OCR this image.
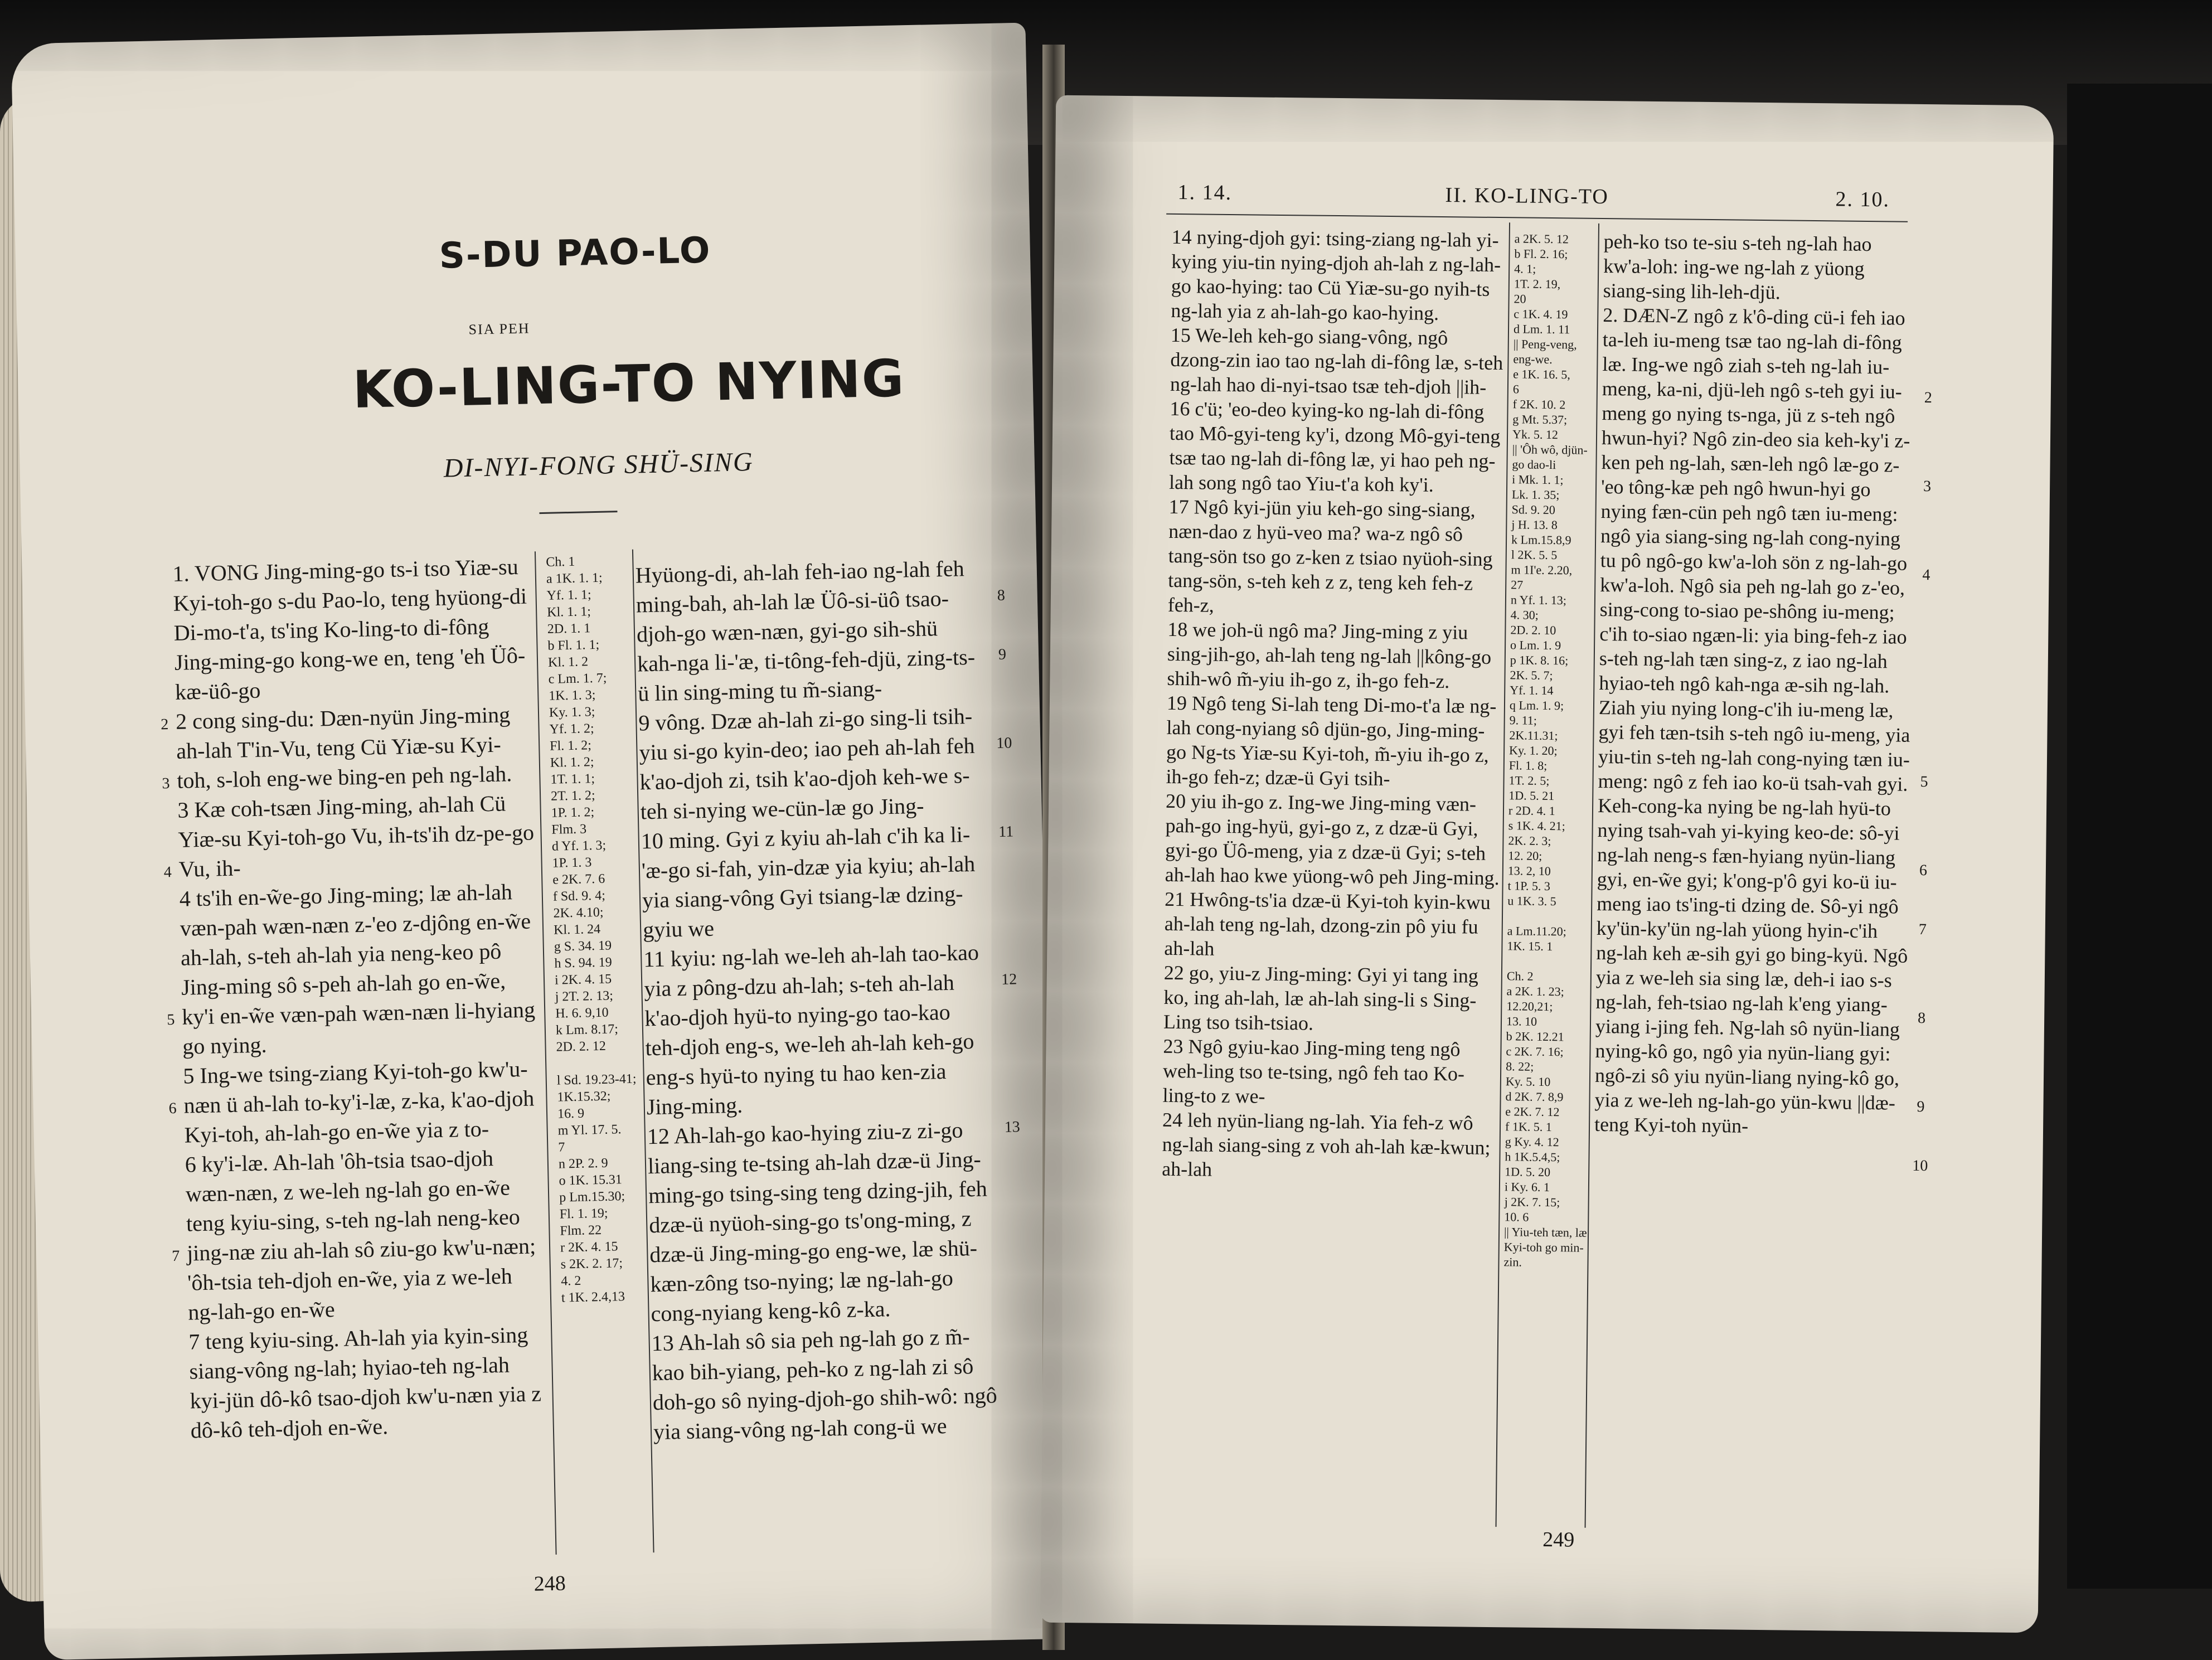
S-DU PAO-LO
SIA PEH
KO-LING-TO NYING
DI-NYI-FONG SHÜ-SING
1. VONG Jing-ming-go ts-i tso Yiæ-su Kyi-toh-go s-du Pao-lo, teng hyüong-di Di-mo-t'a, ts'ing Ko-ling-to di-fông Jing-ming-go kong-we en, teng 'eh Üô-kæ-üô-go
2 cong sing-du: Dæn-nyün Jing-ming ah-lah T'in-Vu, teng Cü Yiæ-su Kyi-toh, s-loh eng-we bing-en peh ng-lah.
3 Kæ coh-tsæn Jing-ming, ah-lah Cü Yiæ-su Kyi-toh-go Vu, ih-ts'ih dz-pe-go Vu, ih-
4 ts'ih en-w̃e-go Jing-ming; læ ah-lah væn-pah wæn-næn z-'eo z-djông en-w̃e ah-lah, s-teh ah-lah yia neng-keo pô Jing-ming sô s-peh ah-lah go en-w̃e, ky'i en-w̃e væn-pah wæn-næn li-hyiang go nying.
5 Ing-we tsing-ziang Kyi-toh-go kw'u-næn ü ah-lah to-ky'i-læ, z-ka, k'ao-djoh Kyi-toh, ah-lah-go en-w̃e yia z to-
6 ky'i-læ. Ah-lah 'ôh-tsia tsao-djoh wæn-næn, z we-leh ng-lah go en-w̃e teng kyiu-sing, s-teh ng-lah neng-keo jing-næ ziu ah-lah sô ziu-go kw'u-næn; 'ôh-tsia teh-djoh en-w̃e, yia z we-leh ng-lah-go en-w̃e
7 teng kyiu-sing. Ah-lah yia kyin-sing siang-vông ng-lah; hyiao-teh ng-lah kyi-jün dô-kô tsao-djoh kw'u-næn yia z dô-kô teh-djoh en-w̃e.
Ch. 1
a 1K. 1. 1;
Yf. 1. 1;
Kl. 1. 1;
2D. 1. 1
b Fl. 1. 1;
Kl. 1. 2
c Lm. 1. 7;
1K. 1. 3;
Ky. 1. 3;
Yf. 1. 2;
Fl. 1. 2;
Kl. 1. 2;
1T. 1. 1;
2T. 1. 2;
1P. 1. 2;
Flm. 3
d Yf. 1. 3;
1P. 1. 3
e 2K. 7. 6
f Sd. 9. 4;
2K. 4.10;
Kl. 1. 24
g S. 34. 19
h S. 94. 19
i 2K. 4. 15
j 2T. 2. 13;
H. 6. 9,10
k Lm. 8.17;
2D. 2. 12

l Sd. 19.23-41;
1K.15.32;
16. 9
m Yl. 17. 5.
7
n 2P. 2. 9
o 1K. 15.31
p Lm.15.30;
Fl. 1. 19;
Flm. 22
r 2K. 4. 15
s 2K. 2. 17;
4. 2
t 1K. 2.4,13
Hyüong-di, ah-lah feh-iao ng-lah feh ming-bah, ah-lah læ Üô-si-üô tsao-djoh-go wæn-næn, gyi-go sih-shü kah-nga li-'æ, ti-tông-feh-djü, zing-ts-ü lin sing-ming tu m̃-siang-
9 vông. Dzæ ah-lah zi-go sing-li tsih-yiu si-go kyin-deo; iao peh ah-lah feh k'ao-djoh zi, tsih k'ao-djoh keh-we s-teh si-nying we-cün-læ go Jing-
10 ming. Gyi z kyiu ah-lah c'ih ka li-'æ-go si-fah, yin-dzæ yia kyiu; ah-lah yia siang-vông Gyi tsiang-læ dzing-gyiu we
11 kyiu: ng-lah we-leh ah-lah tao-kao yia z pông-dzu ah-lah; s-teh ah-lah k'ao-djoh hyü-to nying-go tao-kao teh-djoh eng-s, we-leh ah-lah keh-go eng-s hyü-to nying tu hao ken-zia Jing-ming.
12 Ah-lah-go kao-hying ziu-z zi-go liang-sing te-tsing ah-lah dzæ-ü Jing-ming-go tsing-sing teng dzing-jih, feh dzæ-ü nyüoh-sing-go ts'ong-ming, z dzæ-ü Jing-ming-go eng-we, læ shü-kæn-zông tso-nying; læ ng-lah-go cong-nyiang keng-kô z-ka.
13 Ah-lah sô sia peh ng-lah go z m̃-kao bih-yiang, peh-ko z ng-lah zi sô doh-go sô nying-djoh-go shih-wô: ngô yia siang-vông ng-lah cong-ü we
2

3

4

5

6

7
8

9

10

11

12

13
248
1. 14.	II. KO-LING-TO	2. 10.
14 nying-djoh gyi: tsing-ziang ng-lah yi-kying yiu-tin nying-djoh ah-lah z ng-lah-go kao-hying: tao Cü Yiæ-su-go nyih-ts ng-lah yia z ah-lah-go kao-hying.
15 We-leh keh-go siang-vông, ngô dzong-zin iao tao ng-lah di-fông læ, s-teh ng-lah hao di-nyi-tsao tsæ teh-djoh ||ih-
16 c'ü; 'eo-deo kying-ko ng-lah di-fông tao Mô-gyi-teng ky'i, dzong Mô-gyi-teng tsæ tao ng-lah di-fông læ, yi hao peh ng-lah song ngô tao Yiu-t'a koh ky'i.
17 Ngô kyi-jün yiu keh-go sing-siang, næn-dao z hyü-veo ma? wa-z ngô sô tang-sön tso go z-ken z tsiao nyüoh-sing tang-sön, s-teh keh z z, teng keh feh-z feh-z,
18 we joh-ü ngô ma? Jing-ming z yiu sing-jih-go, ah-lah teng ng-lah ||kông-go shih-wô m̃-yiu ih-go z, ih-go feh-z.
19 Ngô teng Si-lah teng Di-mo-t'a læ ng-lah cong-nyiang sô djün-go, Jing-ming-go Ng-ts Yiæ-su Kyi-toh, m̃-yiu ih-go z, ih-go feh-z; dzæ-ü Gyi tsih-
20 yiu ih-go z. Ing-we Jing-ming væn-pah-go ing-hyü, gyi-go z, z dzæ-ü Gyi, gyi-go Üô-meng, yia z dzæ-ü Gyi; s-teh ah-lah hao kwe yüong-wô peh Jing-ming.
21 Hwông-ts'ia dzæ-ü Kyi-toh kyin-kwu ah-lah teng ng-lah, dzong-zin pô yiu fu ah-lah
22 go, yiu-z Jing-ming: Gyi yi tang ing ko, ing ah-lah, læ ah-lah sing-li s Sing-Ling tso tsih-tsiao.
23 Ngô gyiu-kao Jing-ming teng ngô weh-ling tso te-tsing, ngô feh tao Ko-ling-to z we-
24 leh nyün-liang ng-lah. Yia feh-z wô ng-lah siang-sing z voh ah-lah kæ-kwun; ah-lah
a 2K. 5. 12
b Fl. 2. 16;
4. 1;
1T. 2. 19,
20
c 1K. 4. 19
d Lm. 1. 11
|| Peng-veng, eng-we.
e 1K. 16. 5,
6
f 2K. 10. 2
g Mt. 5.37;
Yk. 5. 12
|| 'Ôh wô, djün-go dao-li
i Mk. 1. 1;
Lk. 1. 35;
Sd. 9. 20
j H. 13. 8
k Lm.15.8,9
l 2K. 5. 5
m 1I'e. 2.20,
27
n Yf. 1. 13;
4. 30;
2D. 2. 10
o Lm. 1. 9
p 1K. 8. 16;
2K. 5. 7;
Yf. 1. 14
q Lm. 1. 9;
9. 11;
2K.11.31;
Ky. 1. 20;
Fl. 1. 8;
1T. 2. 5;
1D. 5. 21
r 2D. 4. 1
s 1K. 4. 21;
2K. 2. 3;
12. 20;
13. 2, 10
t 1P. 5. 3
u 1K. 3. 5

a Lm.11.20;
1K. 15. 1

Ch. 2
a 2K. 1. 23;
12.20,21;
13. 10
b 2K. 12.21
c 2K. 7. 16;
8. 22;
Ky. 5. 10
d 2K. 7. 8,9
e 2K. 7. 12
f 1K. 5. 1
g Ky. 4. 12
h 1K.5.4,5;
1D. 5. 20
i Ky. 6. 1
j 2K. 7. 15;
10. 6
|| Yiu-teh tæn, læ Kyi-toh go min-zin.
peh-ko tso te-siu s-teh ng-lah hao kw'a-loh: ing-we ng-lah z yüong siang-sing lih-leh-djü.
2. DÆN-Z ngô z k'ô-ding cü-i feh iao ta-leh iu-meng tsæ tao ng-lah di-fông læ. Ing-we ngô ziah s-teh ng-lah iu-meng, ka-ni, djü-leh ngô s-teh gyi iu-meng go nying ts-nga, jü z s-teh ngô hwun-hyi? Ngô zin-deo sia keh-ky'i z-ken peh ng-lah, sæn-leh ngô læ-go z-'eo tông-kæ peh ngô hwun-hyi go nying fæn-cün peh ngô tæn iu-meng: ngô yia siang-sing ng-lah cong-nying tu pô ngô-go kw'a-loh sön z ng-lah-go kw'a-loh. Ngô sia peh ng-lah go z-'eo, sing-cong to-siao pe-shông iu-meng; c'ih to-siao ngæn-li: yia bing-feh-z iao s-teh ng-lah tæn sing-z, z iao ng-lah hyiao-teh ngô kah-nga æ-sih ng-lah.
Ziah yiu nying long-c'ih iu-meng læ, gyi feh tæn-tsih s-teh ngô iu-meng, yia yiu-tin s-teh ng-lah cong-nying tæn iu-meng: ngô z feh iao ko-ü tsah-vah gyi. Keh-cong-ka nying be ng-lah hyü-to nying tsah-vah yi-kying keo-de: sô-yi ng-lah neng-s fæn-hyiang nyün-liang gyi, en-w̃e gyi; k'ong-p'ô gyi ko-ü iu-meng iao ts'ing-ti dzing de. Sô-yi ngô ky'ün-ky'ün ng-lah yüong hyin-c'ih ng-lah keh æ-sih gyi go bing-kyü. Ngô yia z we-leh sia sing læ, deh-i iao s-s ng-lah, feh-tsiao ng-lah k'eng yiang-yiang i-jing feh. Ng-lah sô nyün-liang nying-kô go, ngô yia nyün-liang gyi: ngô-zi sô yiu nyün-liang nying-kô go, yia z we-leh ng-lah-go yün-kwu ||dæ-teng Kyi-toh nyün-
2

3

4

5

6

7

8

9

10
249
